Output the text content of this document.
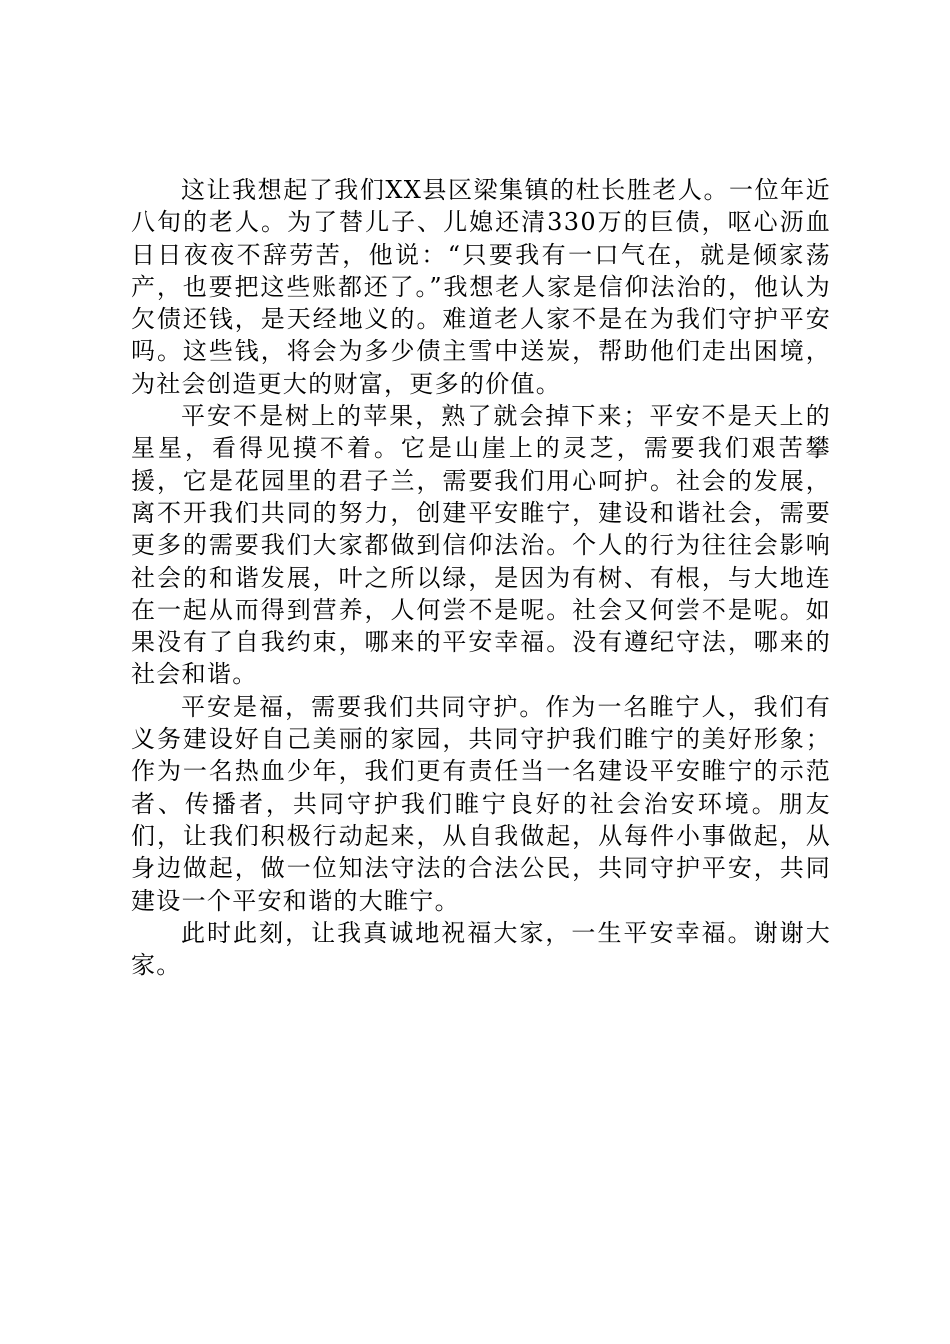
这让我想起了我们XX县区梁集镇的杜长胜老人。一位年近八旬的老人。为了替儿子、儿媳还清330万的巨债，呕心沥血日日夜夜不辞劳苦，他说：“只要我有一口气在，就是倾家荡产，也要把这些账都还了。”我想老人家是信仰法治的，他认为欠债还钱，是天经地义的。难道老人家不是在为我们守护平安吗。这些钱，将会为多少债主雪中送炭，帮助他们走出困境，为社会创造更大的财富，更多的价值。

平安不是树上的苹果，熟了就会掉下来；平安不是天上的星星，看得见摸不着。它是山崖上的灵芝，需要我们艰苦攀援，它是花园里的君子兰，需要我们用心呵护。社会的发展，离不开我们共同的努力，创建平安睢宁，建设和谐社会，需要更多的需要我们大家都做到信仰法治。个人的行为往往会影响社会的和谐发展，叶之所以绿，是因为有树、有根，与大地连在一起从而得到营养，人何尝不是呢。社会又何尝不是呢。如果没有了自我约束，哪来的平安幸福。没有遵纪守法，哪来的社会和谐。

平安是福，需要我们共同守护。作为一名睢宁人，我们有义务建设好自己美丽的家园，共同守护我们睢宁的美好形象；作为一名热血少年，我们更有责任当一名建设平安睢宁的示范者、传播者，共同守护我们睢宁良好的社会治安环境。朋友们，让我们积极行动起来，从自我做起，从每件小事做起，从身边做起，做一位知法守法的合法公民，共同守护平安，共同建设一个平安和谐的大睢宁。

此时此刻，让我真诚地祝福大家，一生平安幸福。谢谢大家。
